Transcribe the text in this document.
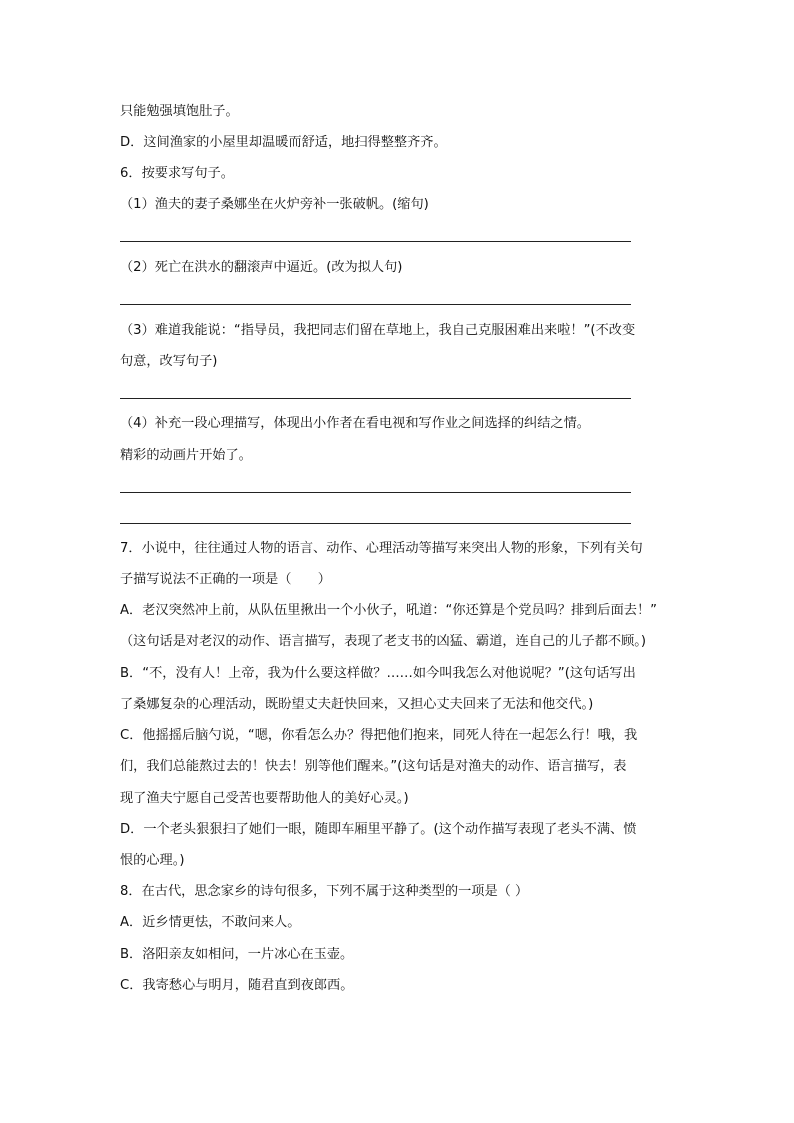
只能勉强填饱肚子。
D．这间渔家的小屋里却温暖而舒适，地扫得整整齐齐。
6．按要求写句子。
（1）渔夫的妻子桑娜坐在火炉旁补一张破帆。(缩句)
（2）死亡在洪水的翻滚声中逼近。(改为拟人句)
（3）难道我能说：“指导员，我把同志们留在草地上，我自己克服困难出来啦！”(不改变
句意，改写句子)
（4）补充一段心理描写，体现出小作者在看电视和写作业之间选择的纠结之情。
精彩的动画片开始了。
7．小说中，往往通过人物的语言、动作、心理活动等描写来突出人物的形象，下列有关句
子描写说法不正确的一项是（　　）
A．老汉突然冲上前，从队伍里揪出一个小伙子，吼道：“你还算是个党员吗？排到后面去！”
（这句话是对老汉的动作、语言描写，表现了老支书的凶猛、霸道，连自己的儿子都不顾。)
B．“不，没有人！上帝，我为什么要这样做？……如今叫我怎么对他说呢？”(这句话写出
了桑娜复杂的心理活动，既盼望丈夫赶快回来，又担心丈夫回来了无法和他交代。)
C．他摇摇后脑勺说，“嗯，你看怎么办？得把他们抱来，同死人待在一起怎么行！哦，我
们，我们总能熬过去的！快去！别等他们醒来。”(这句话是对渔夫的动作、语言描写，表
现了渔夫宁愿自己受苦也要帮助他人的美好心灵。)
D．一个老头狠狠扫了她们一眼，随即车厢里平静了。(这个动作描写表现了老头不满、愤
恨的心理。)
8．在古代，思念家乡的诗句很多，下列不属于这种类型的一项是（ ）
A．近乡情更怯，不敢问来人。
B．洛阳亲友如相问，一片冰心在玉壶。
C．我寄愁心与明月，随君直到夜郎西。
